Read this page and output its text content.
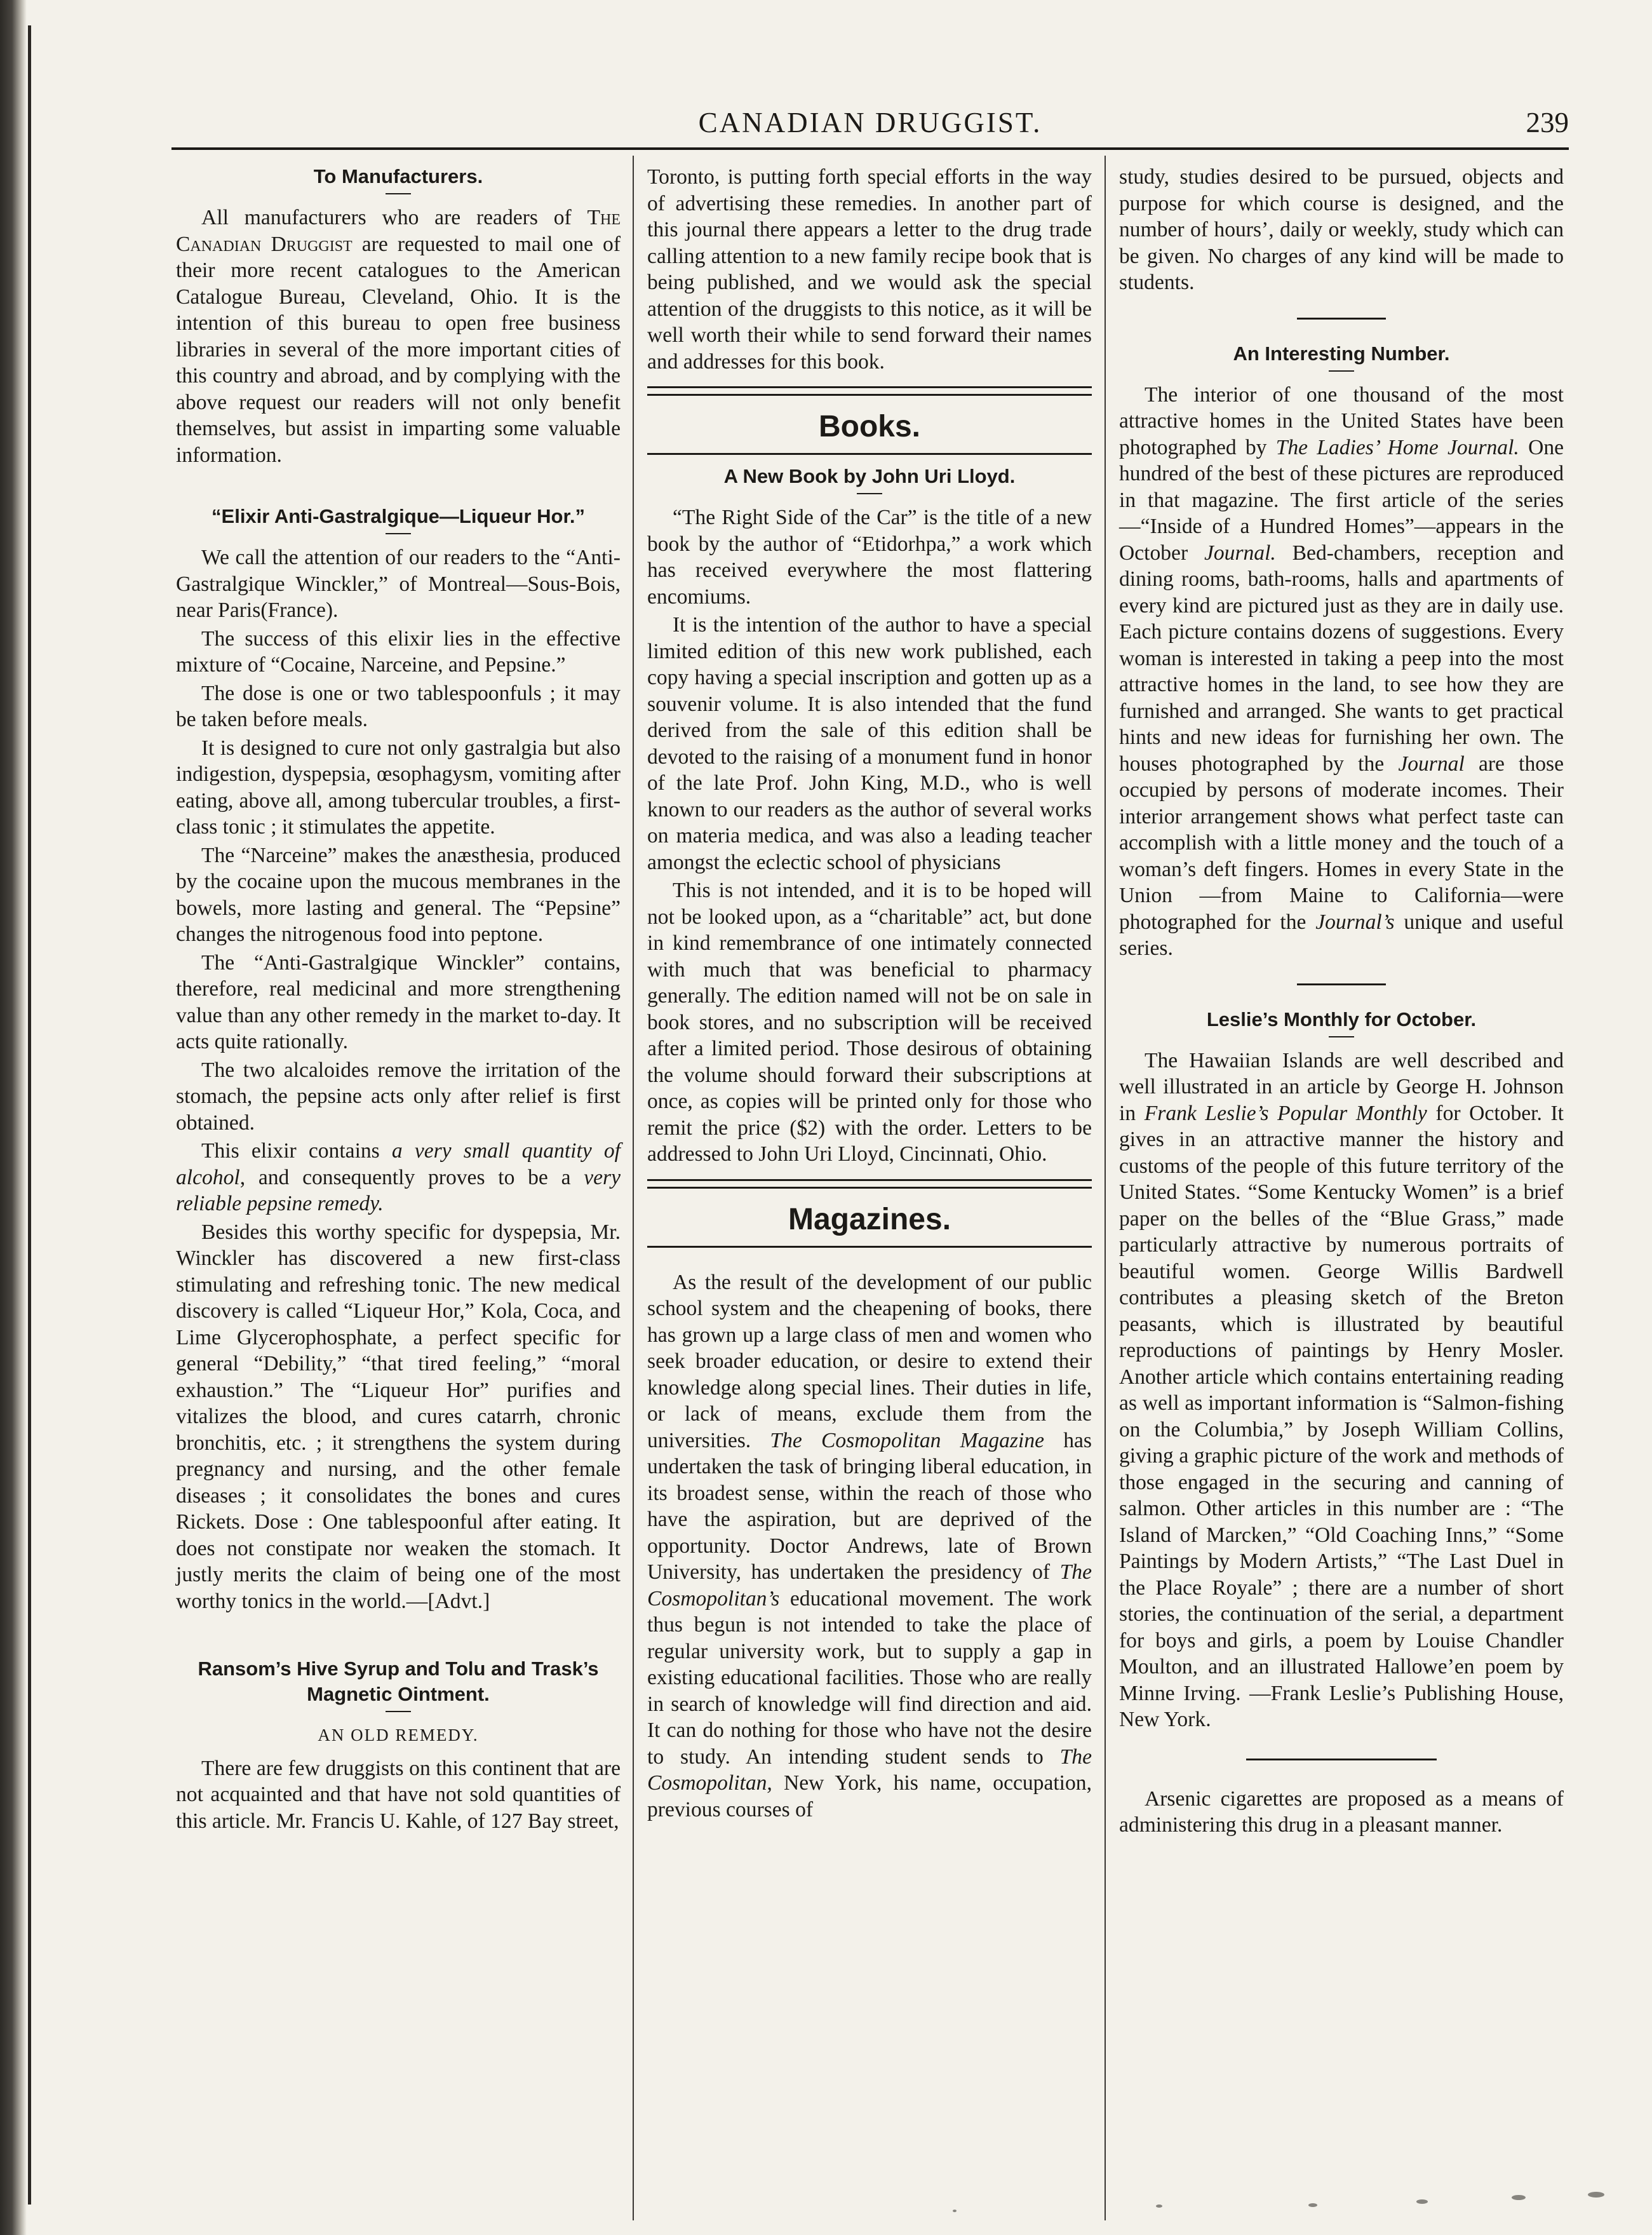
CANADIAN DRUGGIST.	239
To Manufacturers.

All manufacturers who are readers of The Canadian Druggist are requested to mail one of their more recent catalogues to the American Catalogue Bureau, Cleveland, Ohio. It is the intention of this bureau to open free business libraries in several of the more important cities of this country and abroad, and by complying with the above request our readers will not only benefit themselves, but assist in imparting some valuable information.

“Elixir Anti-Gastralgique—Liqueur Hor.”

We call the attention of our readers to the “Anti-Gastralgique Winckler,” of Montreal—Sous-Bois, near Paris(France).

The success of this elixir lies in the effective mixture of “Cocaine, Narceine, and Pepsine.”

The dose is one or two tablespoonfuls ; it may be taken before meals.

It is designed to cure not only gastralgia but also indigestion, dyspepsia, œsophagysm, vomiting after eating, above all, among tubercular troubles, a first-class tonic ; it stimulates the appetite.

The “Narceine” makes the anæsthesia, produced by the cocaine upon the mucous membranes in the bowels, more lasting and general. The “Pepsine” changes the nitrogenous food into peptone.

The “Anti-Gastralgique Winckler” contains, therefore, real medicinal and more strengthening value than any other remedy in the market to-day. It acts quite rationally.

The two alcaloides remove the irritation of the stomach, the pepsine acts only after relief is first obtained.

This elixir contains a very small quantity of alcohol, and consequently proves to be a very reliable pepsine remedy.

Besides this worthy specific for dyspepsia, Mr. Winckler has discovered a new first-class stimulating and refreshing tonic. The new medical discovery is called “Liqueur Hor,” Kola, Coca, and Lime Glycerophosphate, a perfect specific for general “Debility,” “that tired feeling,” “moral exhaustion.” The “Liqueur Hor” purifies and vitalizes the blood, and cures catarrh, chronic bronchitis, etc. ; it strengthens the system during pregnancy and nursing, and the other female diseases ; it consolidates the bones and cures Rickets. Dose : One tablespoonful after eating. It does not constipate nor weaken the stomach. It justly merits the claim of being one of the most worthy tonics in the world.—[Advt.]

Ransom’s Hive Syrup and Tolu and Trask’s Magnetic Ointment.
AN OLD REMEDY.

There are few druggists on this continent that are not acquainted and that have not sold quantities of this article. Mr. Francis U. Kahle, of 127 Bay street,

Toronto, is putting forth special efforts in the way of advertising these remedies. In another part of this journal there appears a letter to the drug trade calling attention to a new family recipe book that is being published, and we would ask the special attention of the druggists to this notice, as it will be well worth their while to send forward their names and addresses for this book.

Books.
A New Book by John Uri Lloyd.

“The Right Side of the Car” is the title of a new book by the author of “Etidorhpa,” a work which has received everywhere the most flattering encomiums.

It is the intention of the author to have a special limited edition of this new work published, each copy having a special inscription and gotten up as a souvenir volume. It is also intended that the fund derived from the sale of this edition shall be devoted to the raising of a monument fund in honor of the late Prof. John King, M.D., who is well known to our readers as the author of several works on materia medica, and was also a leading teacher amongst the eclectic school of physicians

This is not intended, and it is to be hoped will not be looked upon, as a “charitable” act, but done in kind remembrance of one intimately connected with much that was beneficial to pharmacy generally. The edition named will not be on sale in book stores, and no subscription will be received after a limited period. Those desirous of obtaining the volume should forward their subscriptions at once, as copies will be printed only for those who remit the price ($2) with the order. Letters to be addressed to John Uri Lloyd, Cincinnati, Ohio.

Magazines.

As the result of the development of our public school system and the cheapening of books, there has grown up a large class of men and women who seek broader education, or desire to extend their knowledge along special lines. Their duties in life, or lack of means, exclude them from the universities. The Cosmopolitan Magazine has undertaken the task of bringing liberal education, in its broadest sense, within the reach of those who have the aspiration, but are deprived of the opportunity. Doctor Andrews, late of Brown University, has undertaken the presidency of The Cosmopolitan’s educational movement. The work thus begun is not intended to take the place of regular university work, but to supply a gap in existing educational facilities. Those who are really in search of knowledge will find direction and aid. It can do nothing for those who have not the desire to study. An intending student sends to The Cosmopolitan, New York, his name, occupation, previous courses of

study, studies desired to be pursued, objects and purpose for which course is designed, and the number of hours’, daily or weekly, study which can be given. No charges of any kind will be made to students.

An Interesting Number.

The interior of one thousand of the most attractive homes in the United States have been photographed by The Ladies’ Home Journal. One hundred of the best of these pictures are reproduced in that magazine. The first article of the series—“Inside of a Hundred Homes”—appears in the October Journal. Bed-chambers, reception and dining rooms, bath-rooms, halls and apartments of every kind are pictured just as they are in daily use. Each picture contains dozens of suggestions. Every woman is interested in taking a peep into the most attractive homes in the land, to see how they are furnished and arranged. She wants to get practical hints and new ideas for furnishing her own. The houses photographed by the Journal are those occupied by persons of moderate incomes. Their interior arrangement shows what perfect taste can accomplish with a little money and the touch of a woman’s deft fingers. Homes in every State in the Union —from Maine to California—were photographed for the Journal’s unique and useful series.

Leslie’s Monthly for October.

The Hawaiian Islands are well described and well illustrated in an article by George H. Johnson in Frank Leslie’s Popular Monthly for October. It gives in an attractive manner the history and customs of the people of this future territory of the United States. “Some Kentucky Women” is a brief paper on the belles of the “Blue Grass,” made particularly attractive by numerous portraits of beautiful women. George Willis Bardwell contributes a pleasing sketch of the Breton peasants, which is illustrated by beautiful reproductions of paintings by Henry Mosler. Another article which contains entertaining reading as well as important information is “Salmon-fishing on the Columbia,” by Joseph William Collins, giving a graphic picture of the work and methods of those engaged in the securing and canning of salmon. Other articles in this number are : “The Island of Marcken,” “Old Coaching Inns,” “Some Paintings by Modern Artists,” “The Last Duel in the Place Royale” ; there are a number of short stories, the continuation of the serial, a department for boys and girls, a poem by Louise Chandler Moulton, and an illustrated Hallowe’en poem by Minne Irving. —Frank Leslie’s Publishing House, New York.

Arsenic cigarettes are proposed as a means of administering this drug in a pleasant manner.
